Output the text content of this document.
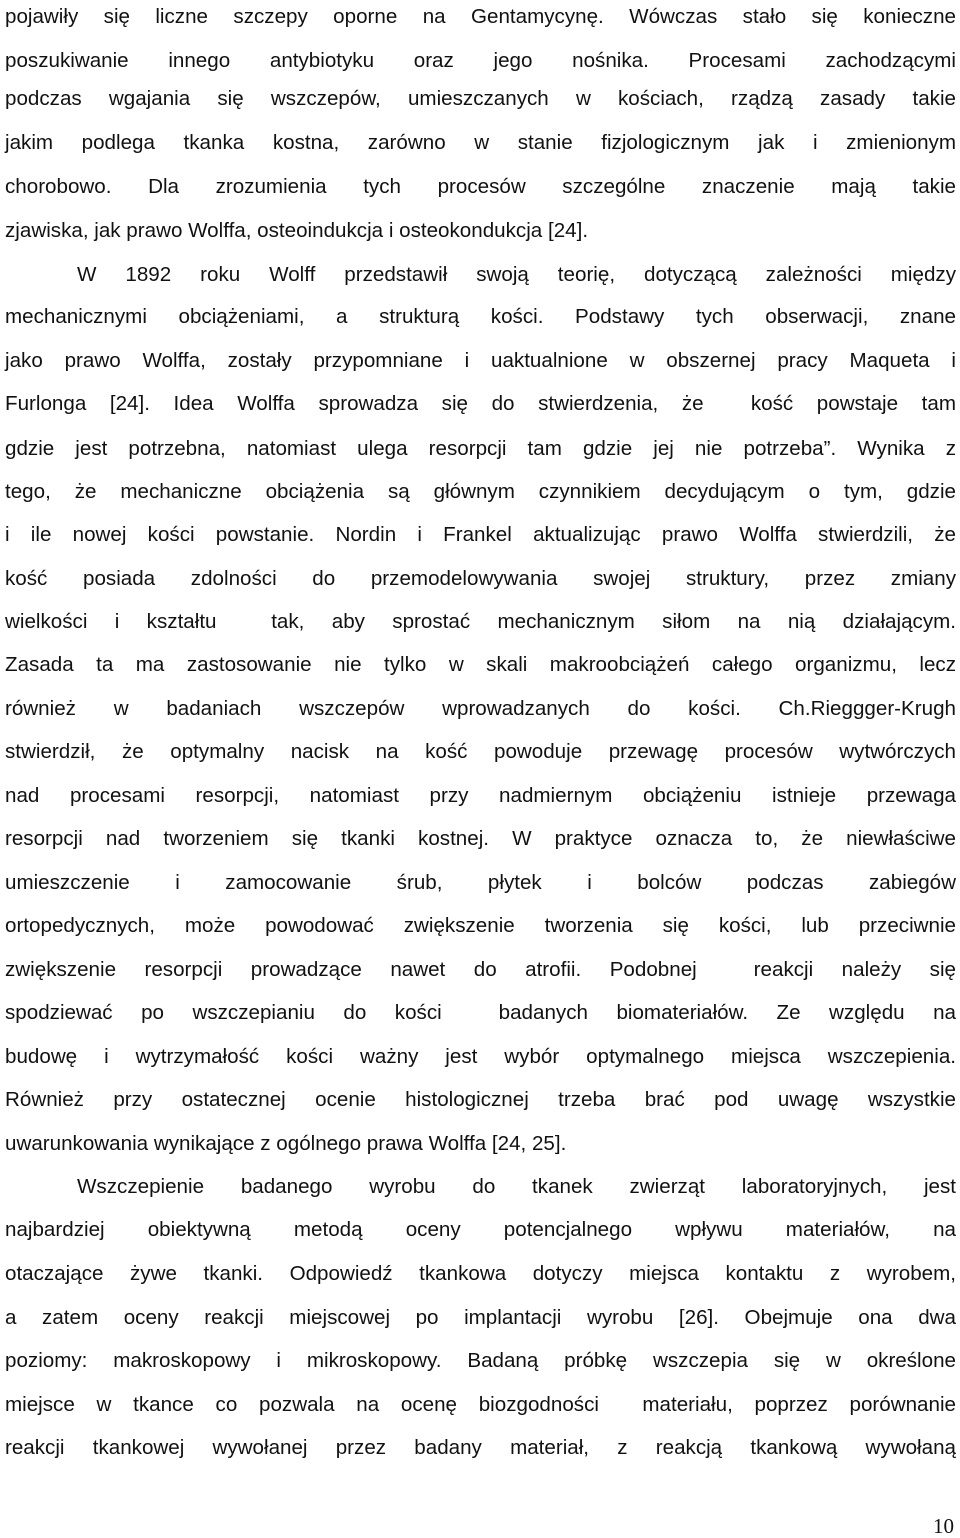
pojawiły się liczne szczepy oporne na Gentamycynę. Wówczas stało się konieczne
poszukiwanie innego antybiotyku oraz jego nośnika. Procesami zachodzącymi
podczas wgajania się wszczepów, umieszczanych w kościach, rządzą zasady takie
jakim podlega tkanka kostna, zarówno w stanie fizjologicznym jak i zmienionym
chorobowo. Dla zrozumienia tych procesów szczególne znaczenie mają takie
zjawiska, jak prawo Wolffa, osteoindukcja i osteokondukcja [24].
W 1892 roku Wolff przedstawił swoją teorię, dotyczącą zależności między
mechanicznymi obciążeniami, a strukturą kości. Podstawy tych obserwacji, znane
jako prawo Wolffa, zostały przypomniane i uaktualnione w obszernej pracy Maqueta i
Furlonga [24]. Idea Wolffa sprowadza się do stwierdzenia, że  kość powstaje tam
gdzie jest potrzebna, natomiast ulega resorpcji tam gdzie jej nie potrzeba”. Wynika z
tego, że mechaniczne obciążenia są głównym czynnikiem decydującym o tym, gdzie
i ile nowej kości powstanie. Nordin i Frankel aktualizując prawo Wolffa stwierdzili, że
kość posiada zdolności do przemodelowywania swojej struktury, przez zmiany
wielkości i kształtu  tak, aby sprostać mechanicznym siłom na nią działającym.
Zasada ta ma zastosowanie nie tylko w skali makroobciążeń całego organizmu, lecz
również w badaniach wszczepów wprowadzanych do kości. Ch.Rieggger-Krugh
stwierdził, że optymalny nacisk na kość powoduje przewagę procesów wytwórczych
nad procesami resorpcji, natomiast przy nadmiernym obciążeniu istnieje przewaga
resorpcji nad tworzeniem się tkanki kostnej. W praktyce oznacza to, że niewłaściwe
umieszczenie i zamocowanie śrub, płytek i bolców podczas zabiegów
ortopedycznych, może powodować zwiększenie tworzenia się kości, lub przeciwnie
zwiększenie resorpcji prowadzące nawet do atrofii. Podobnej  reakcji należy się
spodziewać po wszczepianiu do kości  badanych biomateriałów. Ze względu na
budowę i wytrzymałość kości ważny jest wybór optymalnego miejsca wszczepienia.
Również przy ostatecznej ocenie histologicznej trzeba brać pod uwagę wszystkie
uwarunkowania wynikające z ogólnego prawa Wolffa [24, 25].
Wszczepienie badanego wyrobu do tkanek zwierząt laboratoryjnych, jest
najbardziej obiektywną metodą oceny potencjalnego wpływu materiałów, na
otaczające żywe tkanki. Odpowiedź tkankowa dotyczy miejsca kontaktu z wyrobem,
a zatem oceny reakcji miejscowej po implantacji wyrobu [26]. Obejmuje ona dwa
poziomy: makroskopowy i mikroskopowy. Badaną próbkę wszczepia się w określone
miejsce w tkance co pozwala na ocenę biozgodności  materiału, poprzez porównanie
reakcji tkankowej wywołanej przez badany materiał, z reakcją tkankową wywołaną
10
